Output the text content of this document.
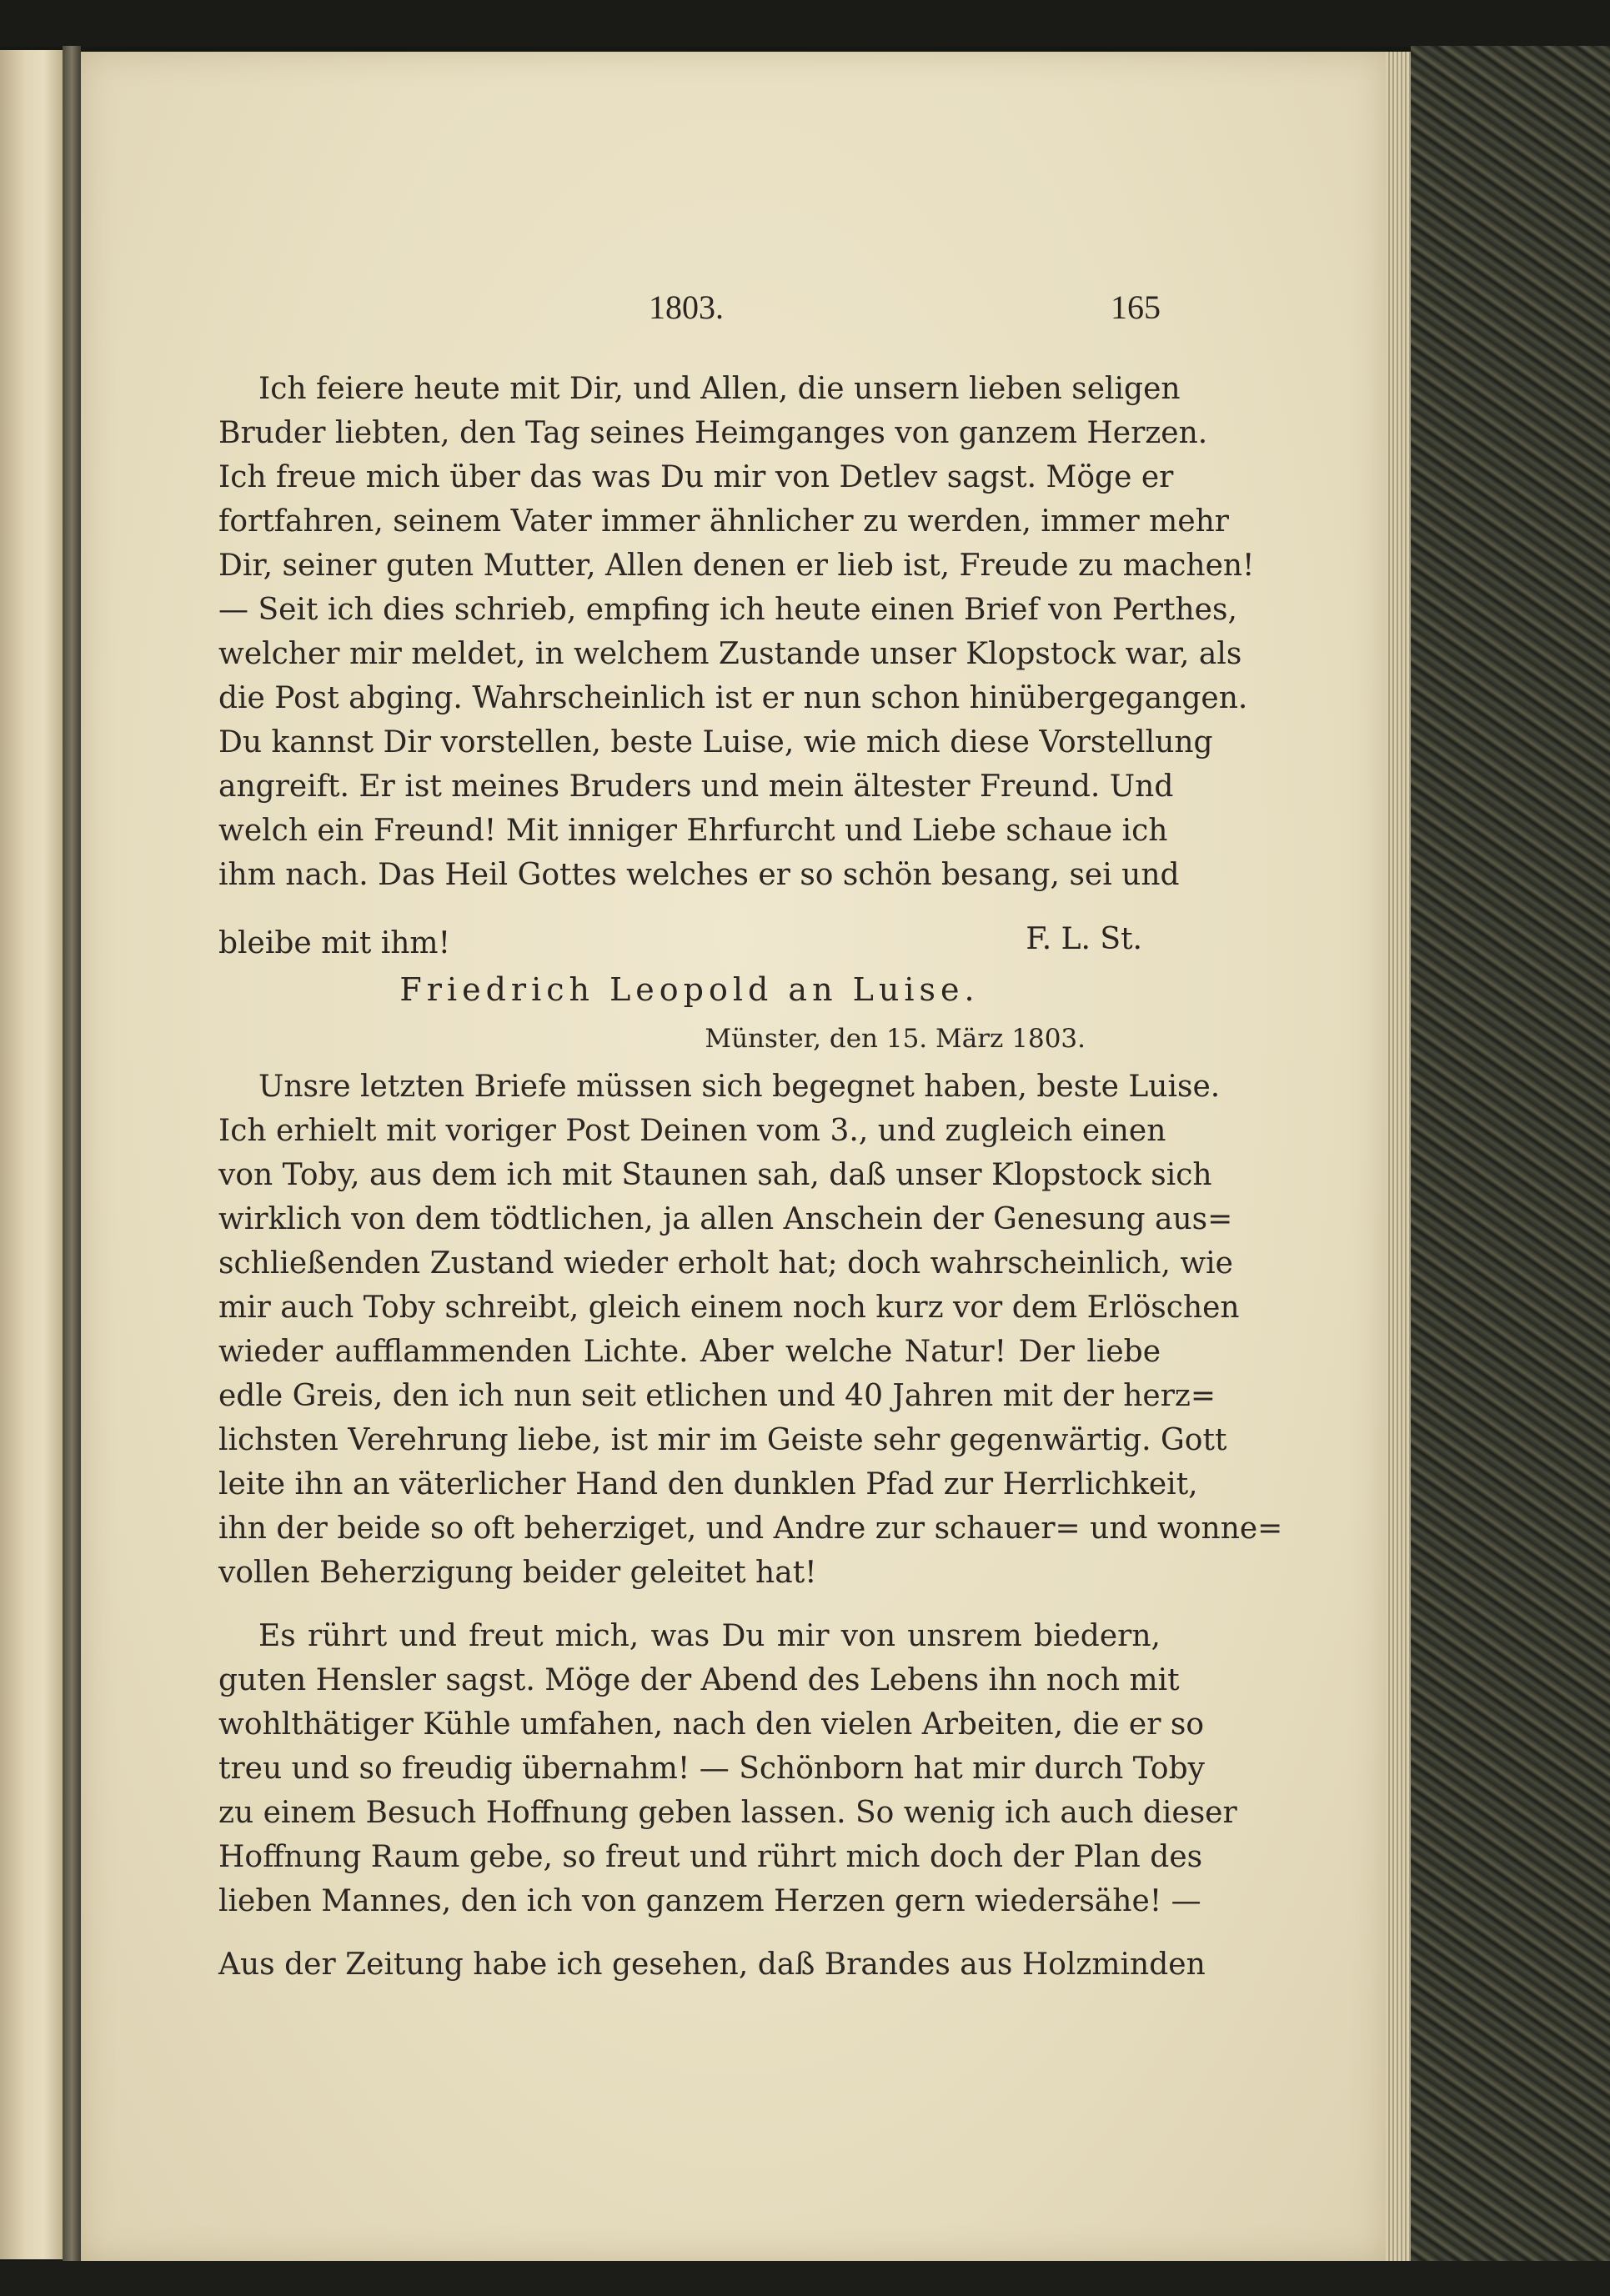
1803.	165
Ich feiere heute mit Dir, und Allen, die unsern lieben seligen
Bruder liebten, den Tag seines Heimganges von ganzem Herzen.
Ich freue mich über das was Du mir von Detlev sagst. Möge er
fortfahren, seinem Vater immer ähnlicher zu werden, immer mehr
Dir, seiner guten Mutter, Allen denen er lieb ist, Freude zu machen!
— Seit ich dies schrieb, empfing ich heute einen Brief von Perthes,
welcher mir meldet, in welchem Zustande unser Klopstock war, als
die Post abging. Wahrscheinlich ist er nun schon hinübergegangen.
Du kannst Dir vorstellen, beste Luise, wie mich diese Vorstellung
angreift. Er ist meines Bruders und mein ältester Freund. Und
welch ein Freund! Mit inniger Ehrfurcht und Liebe schaue ich
ihm nach. Das Heil Gottes welches er so schön besang, sei und
bleibe mit ihm!	F. L. St.
Friedrich Leopold an Luise.
Münster, den 15. März 1803.
Unsre letzten Briefe müssen sich begegnet haben, beste Luise.
Ich erhielt mit voriger Post Deinen vom 3., und zugleich einen
von Toby, aus dem ich mit Staunen sah, daß unser Klopstock sich
wirklich von dem tödtlichen, ja allen Anschein der Genesung aus=
schließenden Zustand wieder erholt hat; doch wahrscheinlich, wie
mir auch Toby schreibt, gleich einem noch kurz vor dem Erlöschen
wieder aufflammenden Lichte. Aber welche Natur! Der liebe
edle Greis, den ich nun seit etlichen und 40 Jahren mit der herz=
lichsten Verehrung liebe, ist mir im Geiste sehr gegenwärtig. Gott
leite ihn an väterlicher Hand den dunklen Pfad zur Herrlichkeit,
ihn der beide so oft beherziget, und Andre zur schauer= und wonne=
vollen Beherzigung beider geleitet hat!
Es rührt und freut mich, was Du mir von unsrem biedern,
guten Hensler sagst. Möge der Abend des Lebens ihn noch mit
wohlthätiger Kühle umfahen, nach den vielen Arbeiten, die er so
treu und so freudig übernahm! — Schönborn hat mir durch Toby
zu einem Besuch Hoffnung geben lassen. So wenig ich auch dieser
Hoffnung Raum gebe, so freut und rührt mich doch der Plan des
lieben Mannes, den ich von ganzem Herzen gern wiedersähe! —
Aus der Zeitung habe ich gesehen, daß Brandes aus Holzminden
